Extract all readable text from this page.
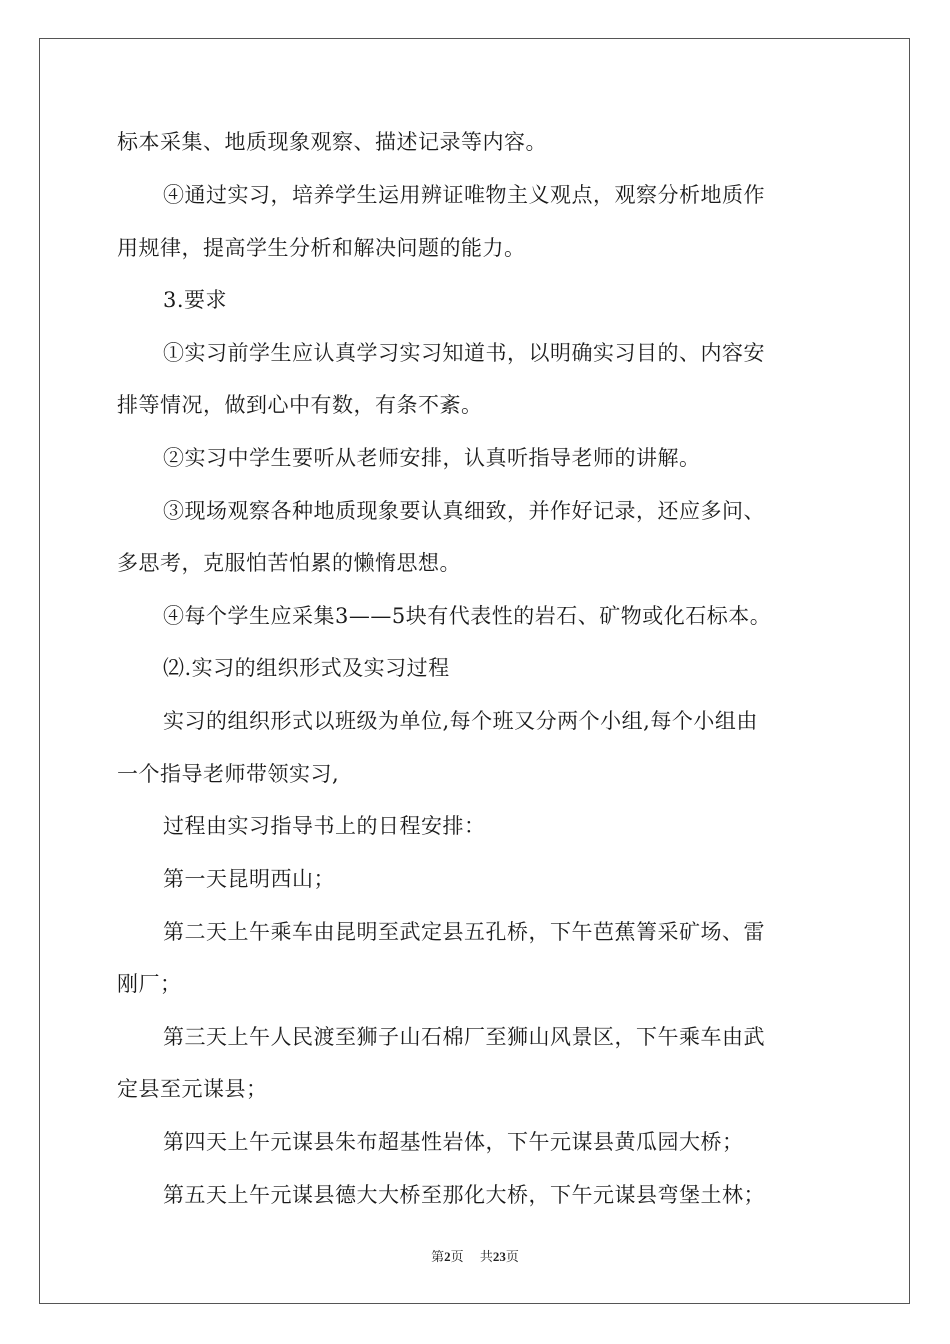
标本采集、地质现象观察、描述记录等内容。
④通过实习，培养学生运用辨证唯物主义观点，观察分析地质作
用规律，提高学生分析和解决问题的能力。
3.要求
①实习前学生应认真学习实习知道书，以明确实习目的、内容安
排等情况，做到心中有数，有条不紊。
②实习中学生要听从老师安排，认真听指导老师的讲解。
③现场观察各种地质现象要认真细致，并作好记录，还应多问、
多思考，克服怕苦怕累的懒惰思想。
④每个学生应采集3——5块有代表性的岩石、矿物或化石标本。
⑵.实习的组织形式及实习过程
实习的组织形式以班级为单位,每个班又分两个小组,每个小组由
一个指导老师带领实习,
过程由实习指导书上的日程安排：
第一天昆明西山；
第二天上午乘车由昆明至武定县五孔桥，下午芭蕉箐采矿场、雷
刚厂；
第三天上午人民渡至狮子山石棉厂至狮山风景区，下午乘车由武
定县至元谋县；
第四天上午元谋县朱布超基性岩体，下午元谋县黄瓜园大桥；
第五天上午元谋县德大大桥至那化大桥，下午元谋县弯堡土林；
第2页 共23页
